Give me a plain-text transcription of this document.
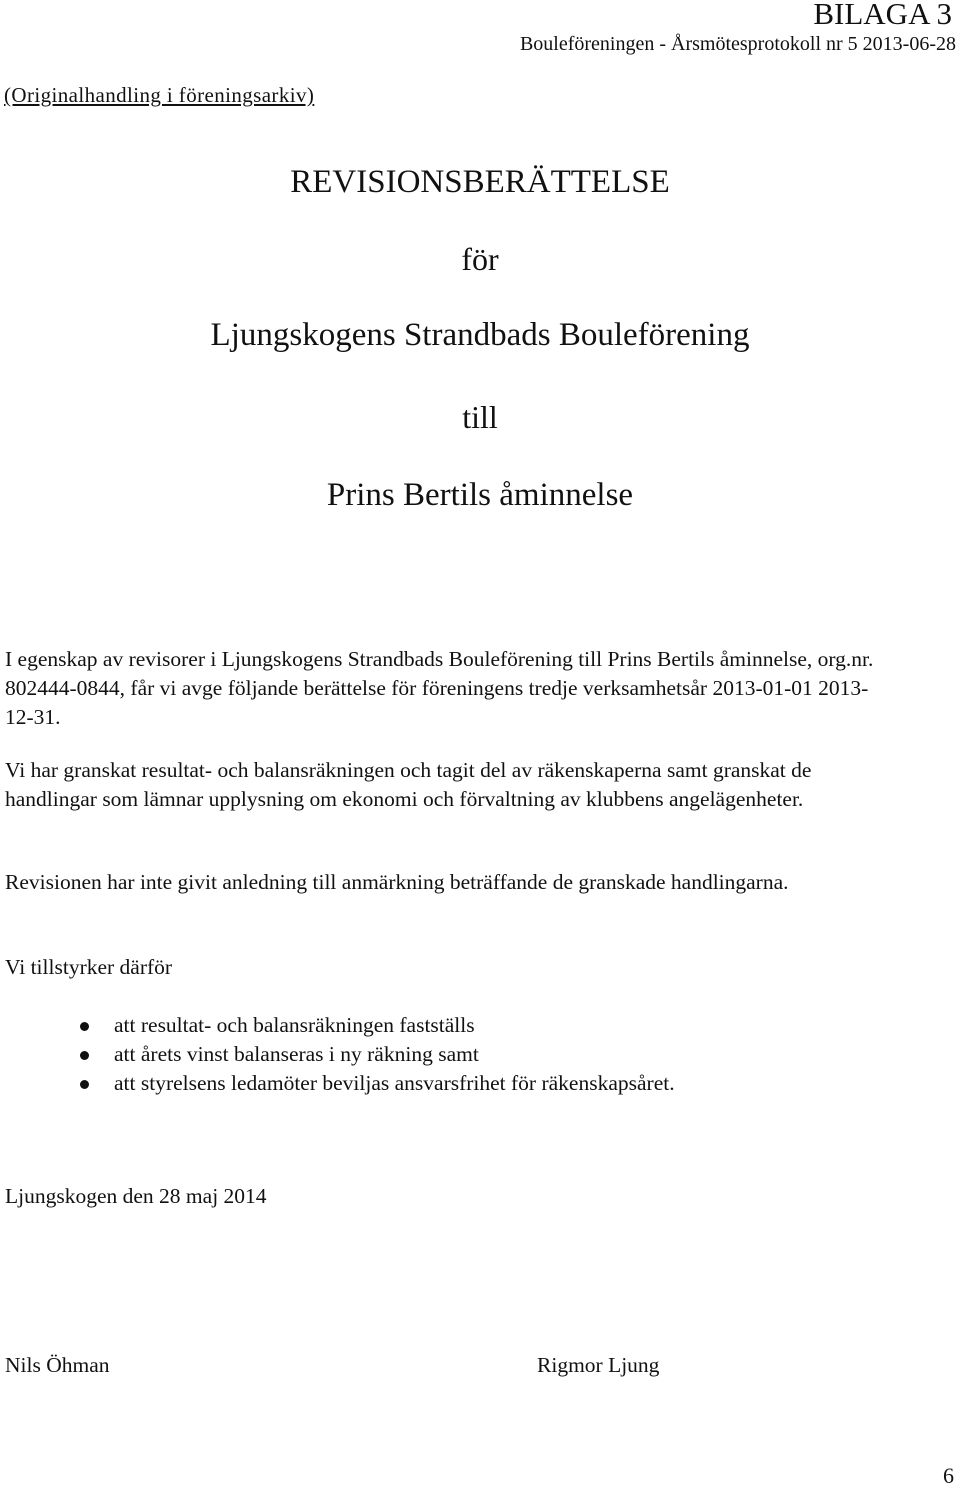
BILAGA 3
Bouleföreningen - Årsmötesprotokoll nr 5 2013-06-28
(Originalhandling i föreningsarkiv)
REVISIONSBERÄTTELSE
för
Ljungskogens Strandbads Bouleförening
till
Prins Bertils åminnelse
I egenskap av revisorer i Ljungskogens Strandbads Bouleförening till Prins Bertils åminnelse, org.nr. 802444-0844, får vi avge följande berättelse för föreningens tredje verksamhetsår 2013-01-01 2013-12-31.
Vi har granskat resultat- och balansräkningen och tagit del av räkenskaperna samt granskat de handlingar som lämnar upplysning om ekonomi och förvaltning av klubbens angelägenheter.
Revisionen har inte givit anledning till anmärkning beträffande de granskade handlingarna.
Vi tillstyrker därför
att resultat- och balansräkningen fastställs
att årets vinst balanseras i ny räkning samt
att styrelsens ledamöter beviljas ansvarsfrihet för räkenskapsåret.
Ljungskogen den 28 maj 2014
Nils Öhman	Rigmor Ljung
6
